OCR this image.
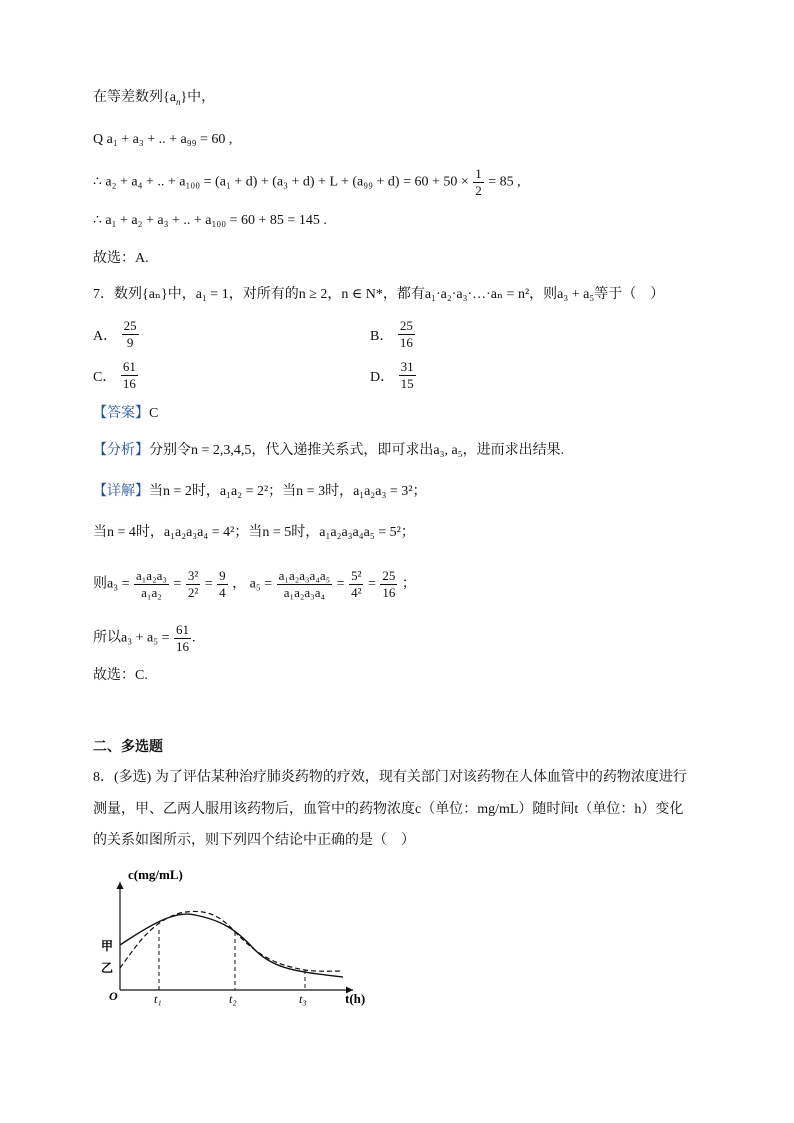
在等差数列$\{a_n\}$中，
Q a₁ + a₃ + .. + a₉₉ = 60 ,
∴ a₂ + a₄ + .. + $a_{100} = (a_1 + d) + (a_3 + d) + L + (a_{99} + d) = 60 + 50 \times \frac{1}{2} = 85$ ,
∴ a₁ + a₂ + a₃ + .. + a₁₀₀ = 60 + 85 = 145 .
故选：A.
7．数列{aₙ}中，a₁ = 1，对所有的n ≥ 2，n ∈ N*，都有a₁·a₂·a₃·…·aₙ = n²，则a₃ + a₅等于（　）
A． $\frac{25}{9}$	B． $\frac{25}{16}$
C． $\frac{61}{16}$	D． $\frac{31}{15}$
【答案】C
【分析】分别令n = 2,3,4,5，代入递推关系式，即可求出a₃, a₅，进而求出结果.
【详解】当n = 2时，a₁a₂ = 2²；当n = 3时，a₁a₂a₃ = 3²；
当n = 4时，a₁a₂a₃a₄ = 4²；当n = 5时，a₁a₂a₃a₄a₅ = 5²；
则$a_3 = \frac{\text{a₁a₂a₃}}{\text{a₁a₂}} = \frac{\text{3²}}{\text{2²}} = \frac{9}{4}$ ， $a_5 = \frac{\text{a₁a₂a₃a₄a₅}}{\text{a₁a₂a₃a₄}} = \frac{\text{5²}}{\text{4²}} = \frac{25}{16}$ ；
所以$a_3 + a_5 = \frac{61}{16}$ .
故选：C.
二、多选题
8．(多选) 为了评估某种治疗肺炎药物的疗效，现有关部门对该药物在人体血管中的药物浓度进行
测量，甲、乙两人服用该药物后，血管中的药物浓度c（单位：mg/mL）随时间t（单位：h）变化
的关系如图所示，则下列四个结论中正确的是（　）
c(mg/mL)
t(h)
O
甲
乙
t₁	t₂	t₃
